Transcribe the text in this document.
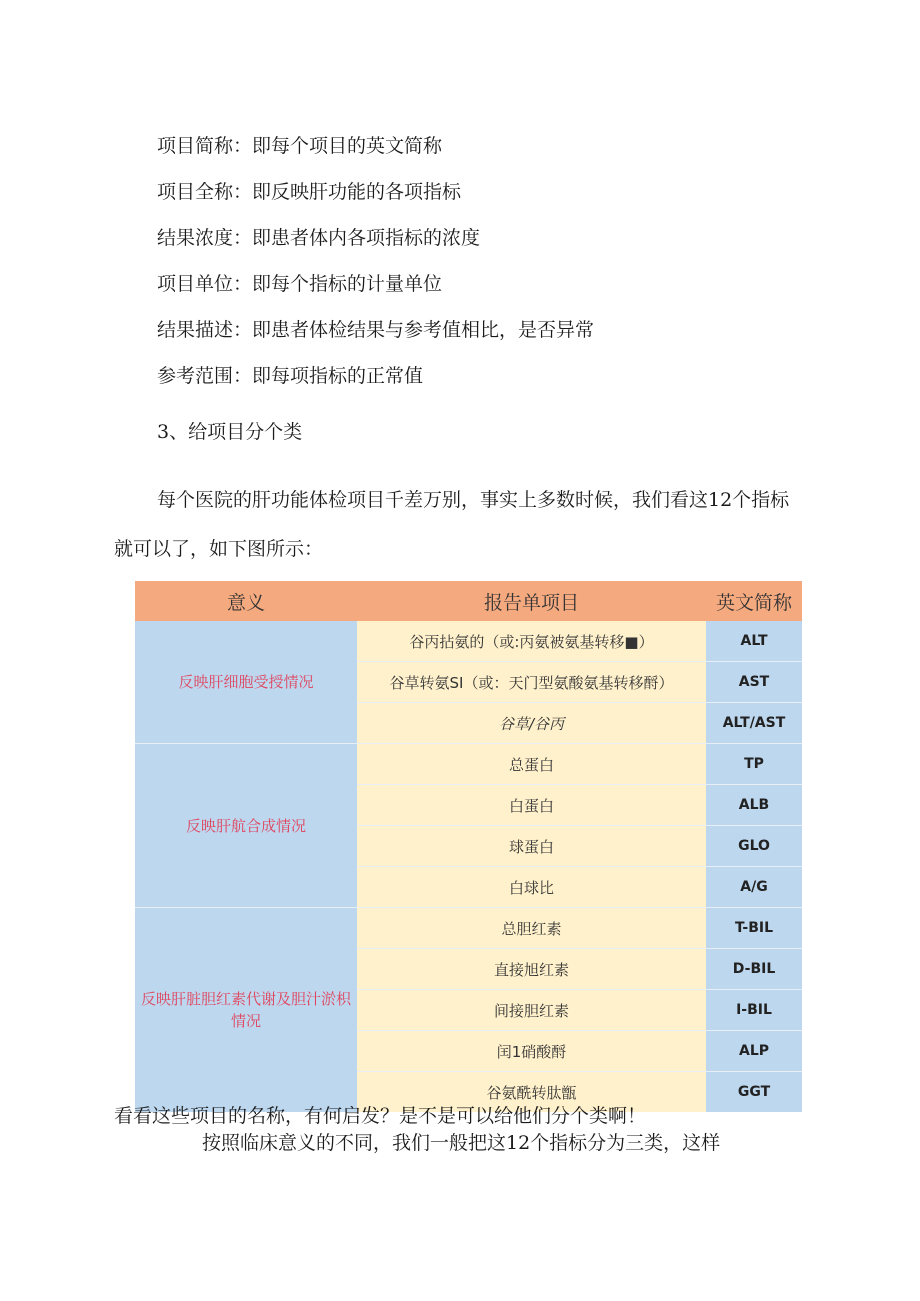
项目简称：即每个项目的英文简称
项目全称：即反映肝功能的各项指标
结果浓度：即患者体内各项指标的浓度
项目单位：即每个指标的计量单位
结果描述：即患者体检结果与参考值相比，是否异常
参考范围：即每项指标的正常值
3、给项目分个类
每个医院的肝功能体检项目千差万别，事实上多数时候，我们看这12个指标
就可以了，如下图所示：
意义	报告单项目	英文简称
反映肝细胞受授情况	谷丙拈氨的（或:丙氨被氨基转移■）	ALT
	谷草转氨SI（或：天门型氨酸氨基转移酹）	AST
	谷草/谷丙	ALT/AST
反映肝航合成情况	总蛋白	TP
	白蛋白	ALB
	球蛋白	GLO
	白球比	A/G

反映肝脏胆红素代谢及胆汁淤枳情况	总胆红素	T-BIL
	直接旭红素	D-BIL
	间接胆红素	I-BIL
	闰1硝酸酹	ALP
	谷氨酰转肽甑	GGT
看看这些项目的名称，有何启发？是不是可以给他们分个类啊！
按照临床意义的不同，我们一般把这12个指标分为三类，这样
